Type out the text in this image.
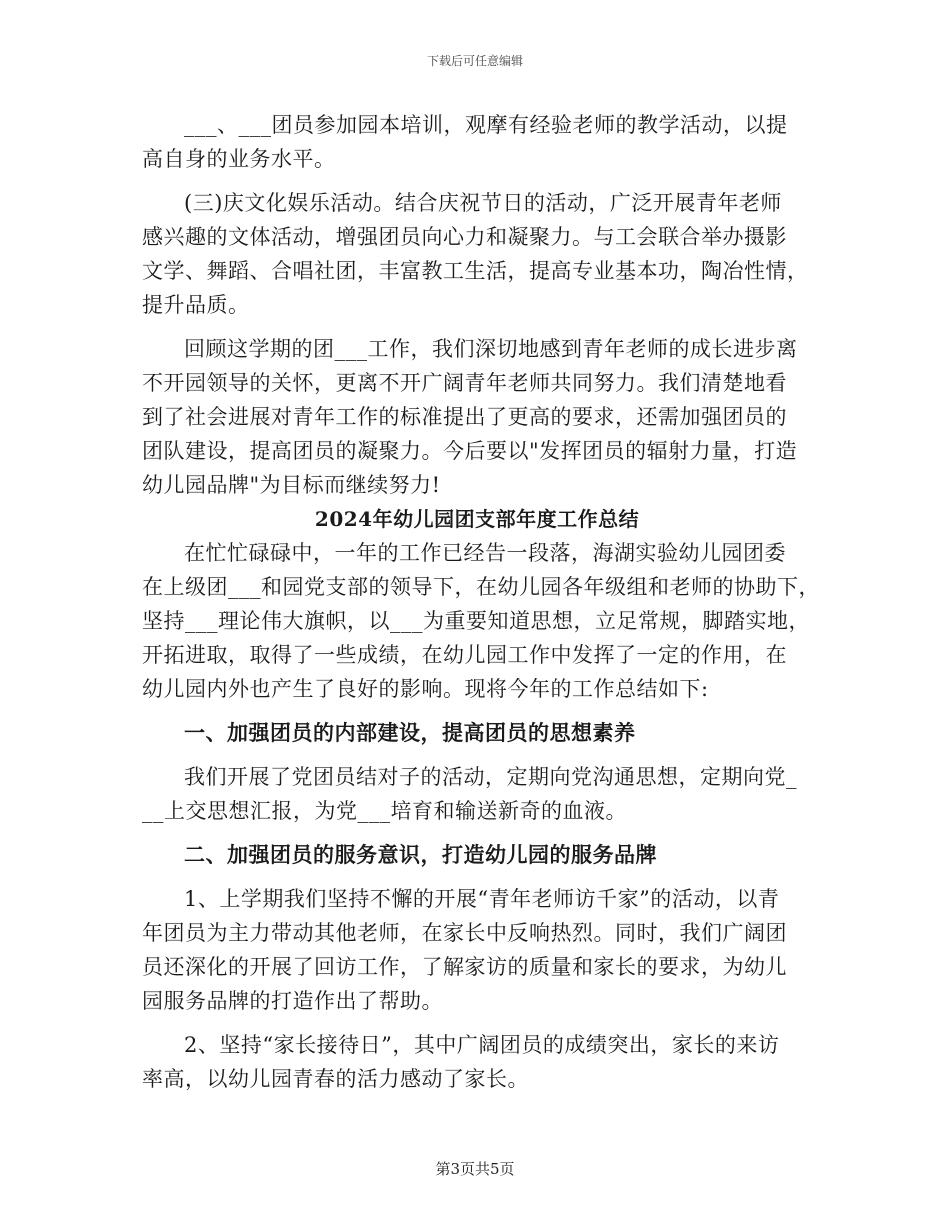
下载后可任意编辑
___、___团员参加园本培训，观摩有经验老师的教学活动，以提
高自身的业务水平。
(三)庆文化娱乐活动。结合庆祝节日的活动，广泛开展青年老师
感兴趣的文体活动，增强团员向心力和凝聚力。与工会联合举办摄影
文学、舞蹈、合唱社团，丰富教工生活，提高专业基本功，陶冶性情，
提升品质。
回顾这学期的团___工作，我们深切地感到青年老师的成长进步离
不开园领导的关怀，更离不开广阔青年老师共同努力。我们清楚地看
到了社会进展对青年工作的标准提出了更高的要求，还需加强团员的
团队建设，提高团员的凝聚力。今后要以"发挥团员的辐射力量，打造
幼儿园品牌"为目标而继续努力!
2024年幼儿园团支部年度工作总结
在忙忙碌碌中，一年的工作已经告一段落，海湖实验幼儿园团委
在上级团___和园党支部的领导下，在幼儿园各年级组和老师的协助下，
坚持___理论伟大旗帜，以___为重要知道思想，立足常规，脚踏实地，
开拓进取，取得了一些成绩，在幼儿园工作中发挥了一定的作用，在
幼儿园内外也产生了良好的影响。现将今年的工作总结如下:
一、加强团员的内部建设，提高团员的思想素养
我们开展了党团员结对子的活动，定期向党沟通思想，定期向党_
__上交思想汇报，为党___培育和输送新奇的血液。
二、加强团员的服务意识，打造幼儿园的服务品牌
1、上学期我们坚持不懈的开展“青年老师访千家”的活动，以青
年团员为主力带动其他老师，在家长中反响热烈。同时，我们广阔团
员还深化的开展了回访工作，了解家访的质量和家长的要求，为幼儿
园服务品牌的打造作出了帮助。
2、坚持“家长接待日”，其中广阔团员的成绩突出，家长的来访
率高，以幼儿园青春的活力感动了家长。
第3页共5页
